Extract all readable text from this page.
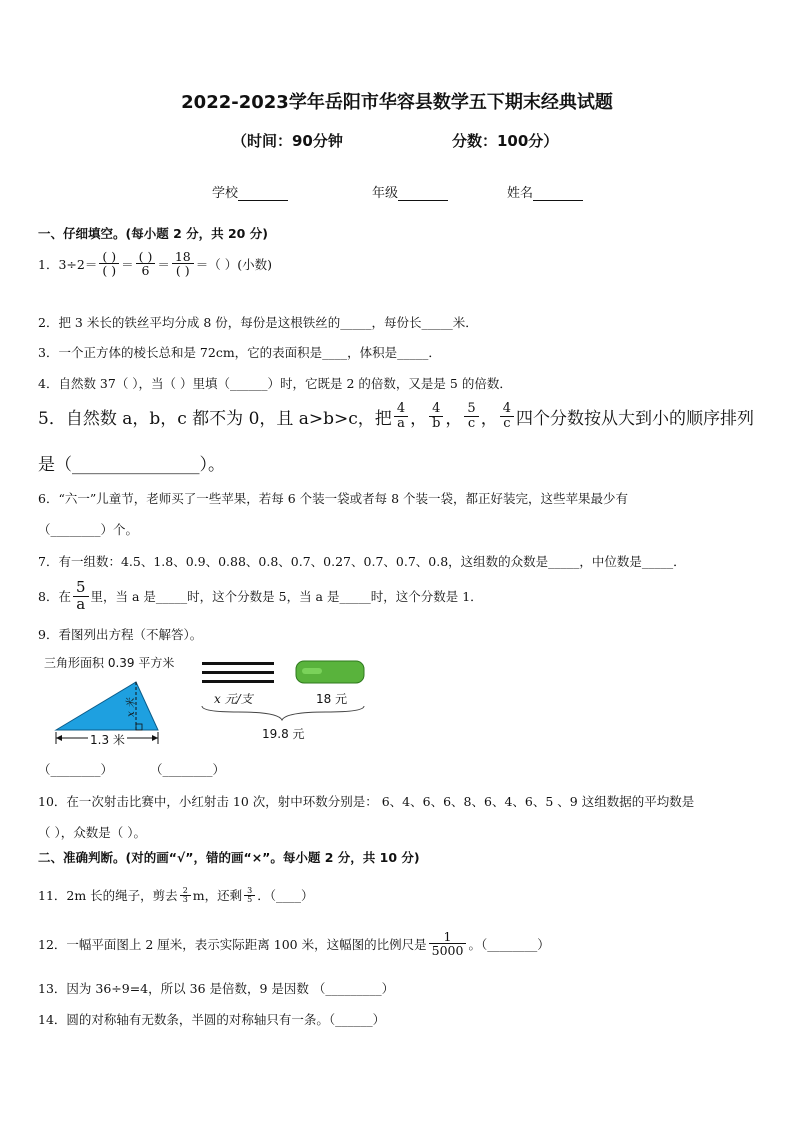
2022-2023学年岳阳市华容县数学五下期末经典试题
（时间：90分钟	分数：100分）
学校	年级	姓名
一、仔细填空。(每小题 2 分，共 20 分)
1．$3\div 2= \frac{( )}{( )} = \frac{( )}{6} = \frac{18}{( )}$ ＝（ ）(小数)
2．把 3 米长的铁丝平均分成 8 份，每份是这根铁丝的_____，每份长_____米．
3．一个正方体的棱长总和是 72cm，它的表面积是____，体积是_____．
4．自然数 37（ ），当（ ）里填（______）时，它既是 2 的倍数，又是是 5 的倍数．
5．自然数 a，b，c 都不为 0，且 a>b>c，把 $\frac{4}{a}$ ， $\frac{4}{b}$ ， $\frac{5}{c}$ ， $\frac{4}{c}$ 四个分数按从大到小的顺序排列
是（_______________）。
6．“六一”儿童节，老师买了一些苹果，若每 6 个装一袋或者每 8 个装一袋，都正好装完，这些苹果最少有
（________）个。
7．有一组数：4.5、1.8、0.9、0.88、0.8、0.7、0.27、0.7、0.7、0.8，这组数的众数是_____，中位数是_____．
8．在 $\frac{5}{a}$ 里，当 a 是_____时，这个分数是 5，当 a 是_____时，这个分数是 1．
9．看图列出方程（不解答）。
三角形面积 0.39 平方米
1.3 米
x 米	x 元/支	18 元
19.8 元
（________）	（________）
10．在一次射击比赛中，小红射击 10 次，射中环数分别是： 6、4、6、6、8、6、4、6、5 、9 这组数据的平均数是
（ ），众数是（ ）。
二、准确判断。(对的画“√”，错的画“×”。每小题 2 分，共 10 分)
11．2m 长的绳子，剪去 $\frac{2}{3}$ m，还剩 $\frac{3}{5}$ ．（____）
12．一幅平面图上 2 厘米，表示实际距离 100 米，这幅图的比例尺是 $\frac{1}{5000}$ 。（________）
13．因为 36÷9=4，所以 36 是倍数，9 是因数 （_________）
14．圆的对称轴有无数条，半圆的对称轴只有一条。（______）
